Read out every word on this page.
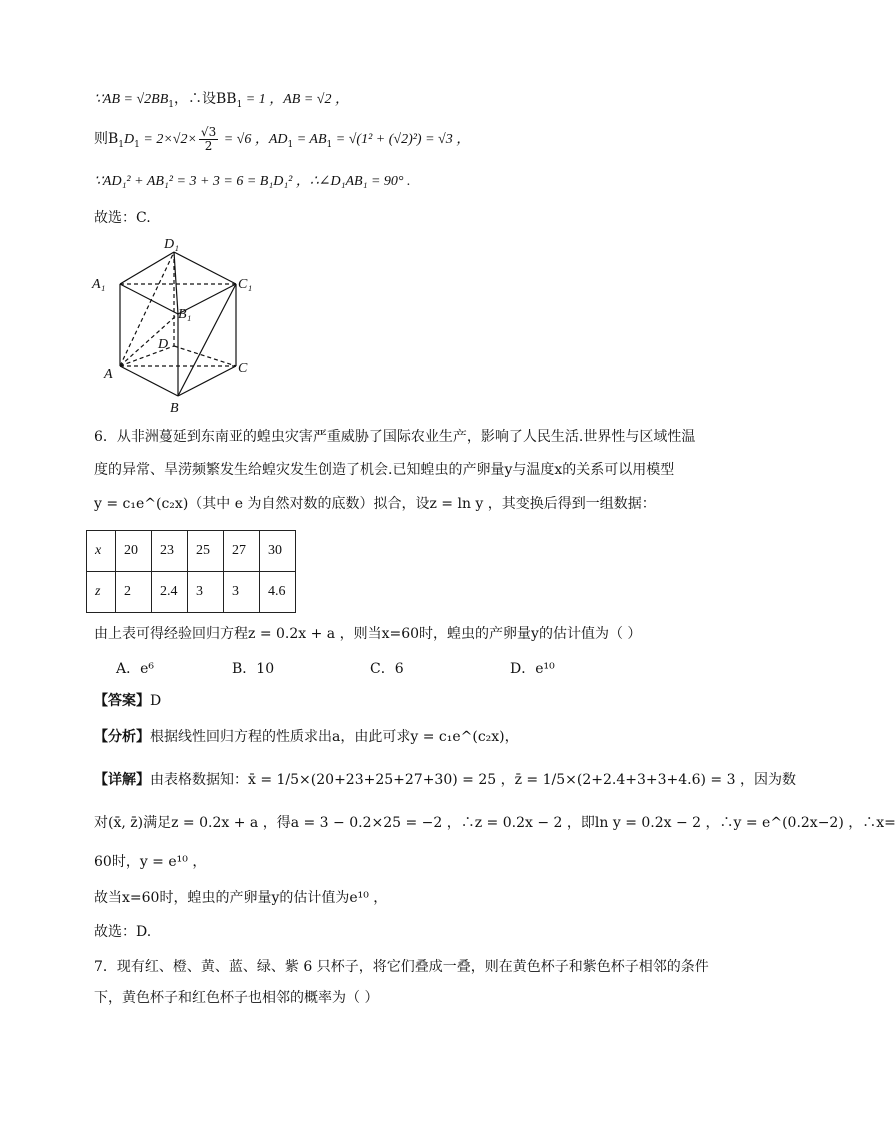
∵AB = $√2BB_1$，∴设$BB_1 = 1$ ，AB = √2 ，
则$B_1D_1 = 2\times√2\times \frac{√3}{2} = √6$ ，$AD_1 = AB_1 = √(1^2 + (√2)^2) = √3$ ，
∵AD₁² + AB₁² = 3 + 3 = 6 = B₁D₁² ，∴∠D₁AB₁ = 90° .
故选：C.
D₁
A₁	C₁
B₁
D
A	C
B
6．从非洲蔓延到东南亚的蝗虫灾害严重威胁了国际农业生产，影响了人民生活.世界性与区域性温
度的异常、旱涝频繁发生给蝗灾发生创造了机会.已知蝗虫的产卵量y与温度x的关系可以用模型
y = c₁e^(c₂x)（其中 e 为自然对数的底数）拟合，设z = ln y ，其变换后得到一组数据：
x	20	23	25	27	30
z	2	2.4	3	3	4.6
由上表可得经验回归方程z = 0.2x + a ，则当x=60时，蝗虫的产卵量y的估计值为（ ）
A．e⁶	B．10	C．6	D．e¹⁰
【答案】D
【分析】根据线性回归方程的性质求出a，由此可求y = c₁e^(c₂x)，
【详解】由表格数据知：x̄ = 1/5×(20+23+25+27+30) = 25 ，z̄ = 1/5×(2+2.4+3+3+4.6) = 3 ，因为数
对(x̄, z̄)满足z = 0.2x + a ，得a = 3 − 0.2×25 = −2 ，∴z = 0.2x − 2 ，即ln y = 0.2x − 2 ，∴y = e^(0.2x−2) ，∴x=
60时，y = e¹⁰ ，
故当x=60时，蝗虫的产卵量y的估计值为e¹⁰ ，
故选：D.
7．现有红、橙、黄、蓝、绿、紫 6 只杯子，将它们叠成一叠，则在黄色杯子和紫色杯子相邻的条件
下，黄色杯子和红色杯子也相邻的概率为（ ）
